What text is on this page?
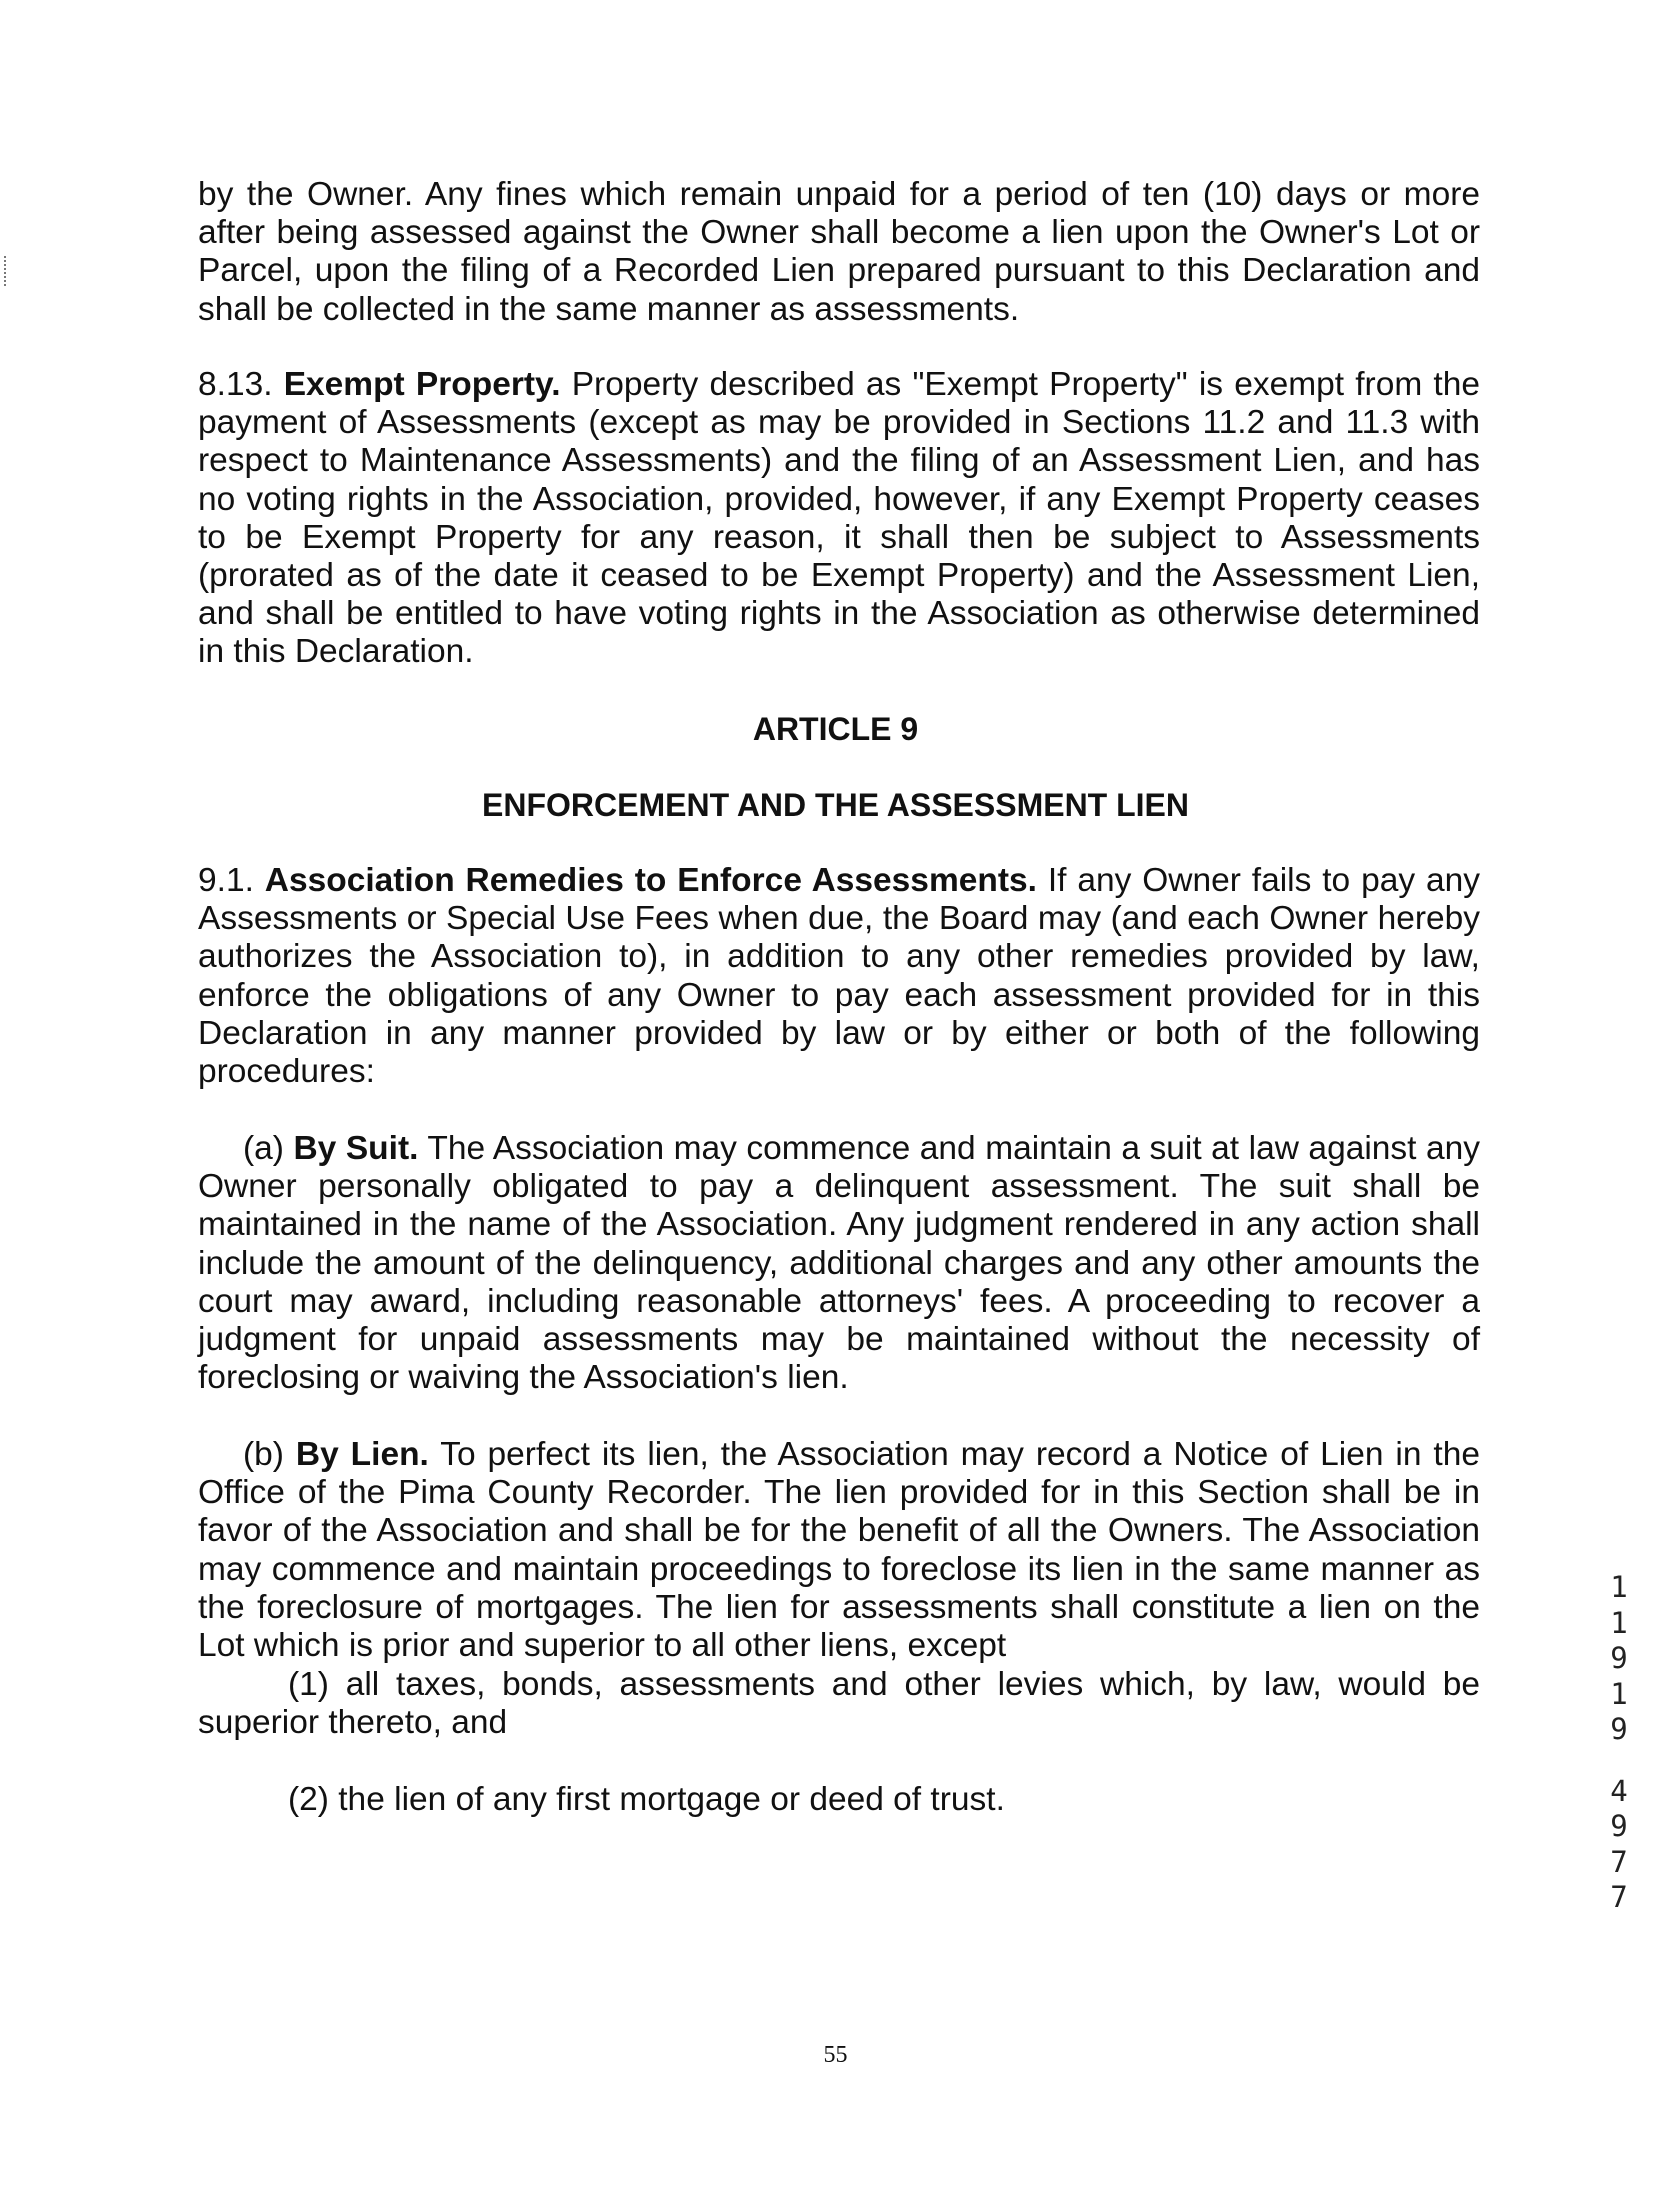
by the Owner. Any fines which remain unpaid for a period of ten (10) days or more after being assessed against the Owner shall become a lien upon the Owner's Lot or Parcel, upon the filing of a Recorded Lien prepared pursuant to this Declaration and shall be collected in the same manner as assessments.

8.13. Exempt Property. Property described as "Exempt Property" is exempt from the payment of Assessments (except as may be provided in Sections 11.2 and 11.3 with respect to Maintenance Assessments) and the filing of an Assessment Lien, and has no voting rights in the Association, provided, however, if any Exempt Property ceases to be Exempt Property for any reason, it shall then be subject to Assessments (prorated as of the date it ceased to be Exempt Property) and the Assessment Lien, and shall be entitled to have voting rights in the Association as otherwise determined in this Declaration.

ARTICLE 9
ENFORCEMENT AND THE ASSESSMENT LIEN

9.1. Association Remedies to Enforce Assessments. If any Owner fails to pay any Assessments or Special Use Fees when due, the Board may (and each Owner hereby authorizes the Association to), in addition to any other remedies provided by law, enforce the obligations of any Owner to pay each assessment provided for in this Declaration in any manner provided by law or by either or both of the following procedures:

(a) By Suit. The Association may commence and maintain a suit at law against any Owner personally obligated to pay a delinquent assessment. The suit shall be maintained in the name of the Association. Any judgment rendered in any action shall include the amount of the delinquency, additional charges and any other amounts the court may award, including reasonable attorneys' fees. A proceeding to recover a judgment for unpaid assessments may be maintained without the necessity of foreclosing or waiving the Association's lien.

(b) By Lien. To perfect its lien, the Association may record a Notice of Lien in the Office of the Pima County Recorder. The lien provided for in this Section shall be in favor of the Association and shall be for the benefit of all the Owners. The Association may commence and maintain proceedings to foreclose its lien in the same manner as the foreclosure of mortgages. The lien for assessments shall constitute a lien on the Lot which is prior and superior to all other liens, except

(1) all taxes, bonds, assessments and other levies which, by law, would be superior thereto, and

(2) the lien of any first mortgage or deed of trust.

1
1
9
1
9
4
9
7
7
55
